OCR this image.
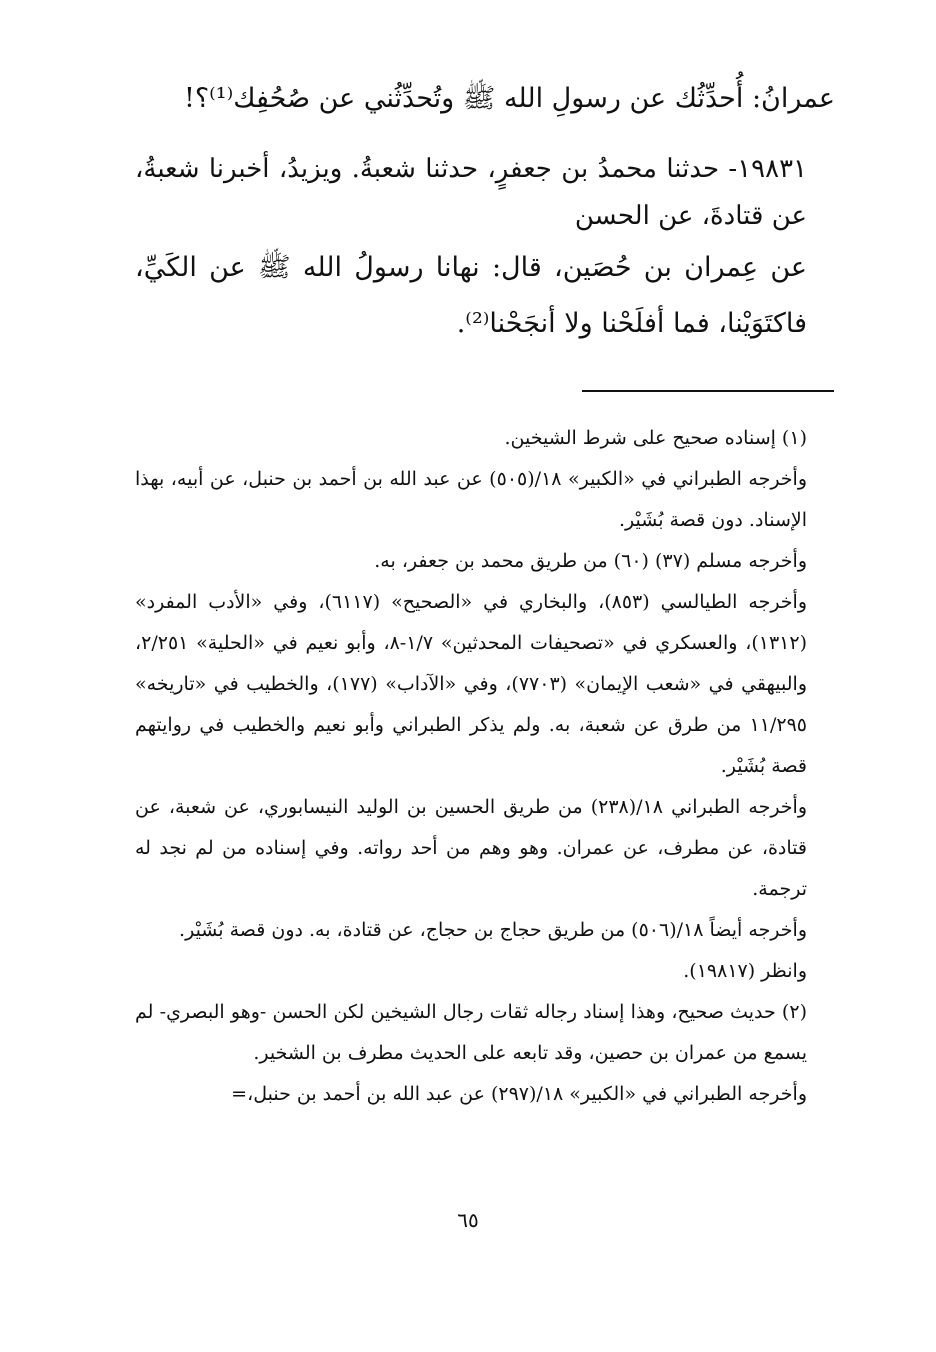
عمرانُ: أُحدِّثُك عن رسولِ الله ﷺ وتُحدِّثُني عن صُحُفِك⁽¹⁾؟!

١٩٨٣١- حدثنا محمدُ بن جعفرٍ، حدثنا شعبةُ. ويزيدُ، أخبرنا شعبةُ، عن قتادةَ، عن الحسن

عن عِمران بن حُصَين، قال: نهانا رسولُ الله ﷺ عن الكَيِّ، فاكتَوَيْنا، فما أفلَحْنا ولا أنجَحْنا⁽²⁾.

(١) إسناده صحيح على شرط الشيخين.

وأخرجه الطبراني في «الكبير» ١٨/(٥٠٥) عن عبد الله بن أحمد بن حنبل، عن أبيه، بهذا الإسناد. دون قصة بُشَيْر.

وأخرجه مسلم (٣٧) (٦٠) من طريق محمد بن جعفر، به.

وأخرجه الطيالسي (٨٥٣)، والبخاري في «الصحيح» (٦١١٧)، وفي «الأدب المفرد» (١٣١٢)، والعسكري في «تصحيفات المحدثين» ١/٧-٨، وأبو نعيم في «الحلية» ٢/٢٥١، والبيهقي في «شعب الإيمان» (٧٧٠٣)، وفي «الآداب» (١٧٧)، والخطيب في «تاريخه» ١١/٢٩٥ من طرق عن شعبة، به. ولم يذكر الطبراني وأبو نعيم والخطيب في روايتهم قصة بُشَيْر.

وأخرجه الطبراني ١٨/(٢٣٨) من طريق الحسين بن الوليد النيسابوري، عن شعبة، عن قتادة، عن مطرف، عن عمران. وهو وهم من أحد رواته. وفي إسناده من لم نجد له ترجمة.

وأخرجه أيضاً ١٨/(٥٠٦) من طريق حجاج بن حجاج، عن قتادة، به. دون قصة بُشَيْر.

وانظر (١٩٨١٧).

(٢) حديث صحيح، وهذا إسناد رجاله ثقات رجال الشيخين لكن الحسن -وهو البصري- لم يسمع من عمران بن حصين، وقد تابعه على الحديث مطرف بن الشخير.

وأخرجه الطبراني في «الكبير» ١٨/(٢٩٧) عن عبد الله بن أحمد بن حنبل،=

٦٥
